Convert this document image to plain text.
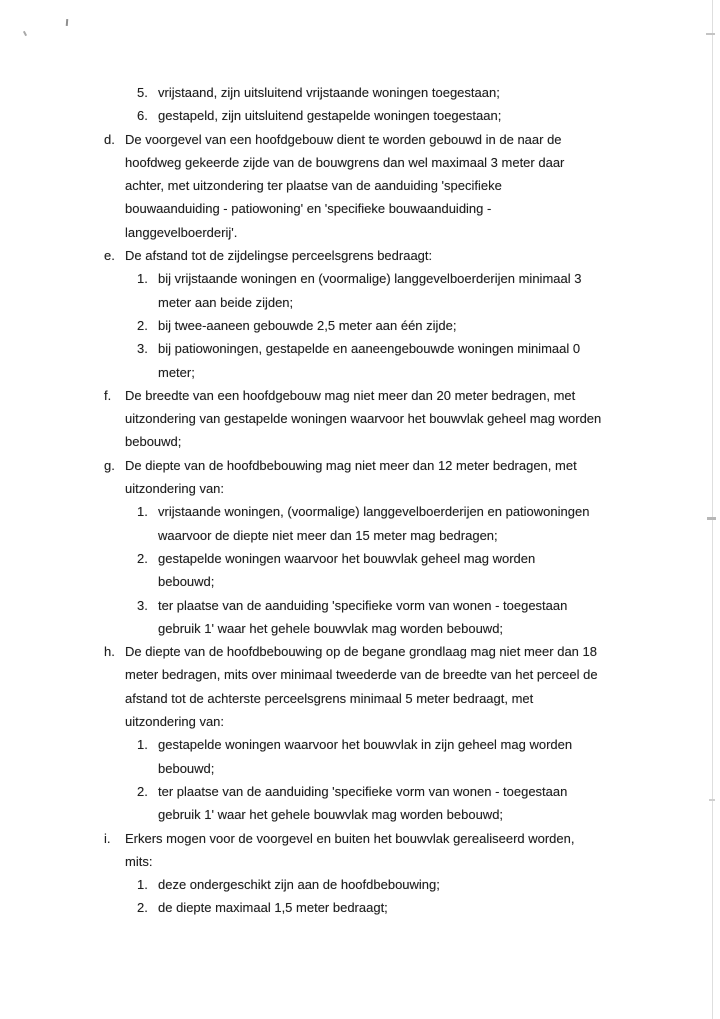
5. vrijstaand, zijn uitsluitend vrijstaande woningen toegestaan;
6. gestapeld, zijn uitsluitend gestapelde woningen toegestaan;
d. De voorgevel van een hoofdgebouw dient te worden gebouwd in de naar de
hoofdweg gekeerde zijde van de bouwgrens dan wel maximaal 3 meter daar
achter, met uitzondering ter plaatse van de aanduiding 'specifieke
bouwaanduiding - patiowoning' en 'specifieke bouwaanduiding -
langgevelboerderij'.
e. De afstand tot de zijdelingse perceelsgrens bedraagt:
1. bij vrijstaande woningen en (voormalige) langgevelboerderijen minimaal 3
meter aan beide zijden;
2. bij twee-aaneen gebouwde 2,5 meter aan één zijde;
3. bij patiowoningen, gestapelde en aaneengebouwde woningen minimaal 0
meter;
f. De breedte van een hoofdgebouw mag niet meer dan 20 meter bedragen, met
uitzondering van gestapelde woningen waarvoor het bouwvlak geheel mag worden
bebouwd;
g. De diepte van de hoofdbebouwing mag niet meer dan 12 meter bedragen, met
uitzondering van:
1. vrijstaande woningen, (voormalige) langgevelboerderijen en patiowoningen
waarvoor de diepte niet meer dan 15 meter mag bedragen;
2. gestapelde woningen waarvoor het bouwvlak geheel mag worden
bebouwd;
3. ter plaatse van de aanduiding 'specifieke vorm van wonen - toegestaan
gebruik 1' waar het gehele bouwvlak mag worden bebouwd;
h. De diepte van de hoofdbebouwing op de begane grondlaag mag niet meer dan 18
meter bedragen, mits over minimaal tweederde van de breedte van het perceel de
afstand tot de achterste perceelsgrens minimaal 5 meter bedraagt, met
uitzondering van:
1. gestapelde woningen waarvoor het bouwvlak in zijn geheel mag worden
bebouwd;
2. ter plaatse van de aanduiding 'specifieke vorm van wonen - toegestaan
gebruik 1' waar het gehele bouwvlak mag worden bebouwd;
i. Erkers mogen voor de voorgevel en buiten het bouwvlak gerealiseerd worden,
mits:
1. deze ondergeschikt zijn aan de hoofdbebouwing;
2. de diepte maximaal 1,5 meter bedraagt;
